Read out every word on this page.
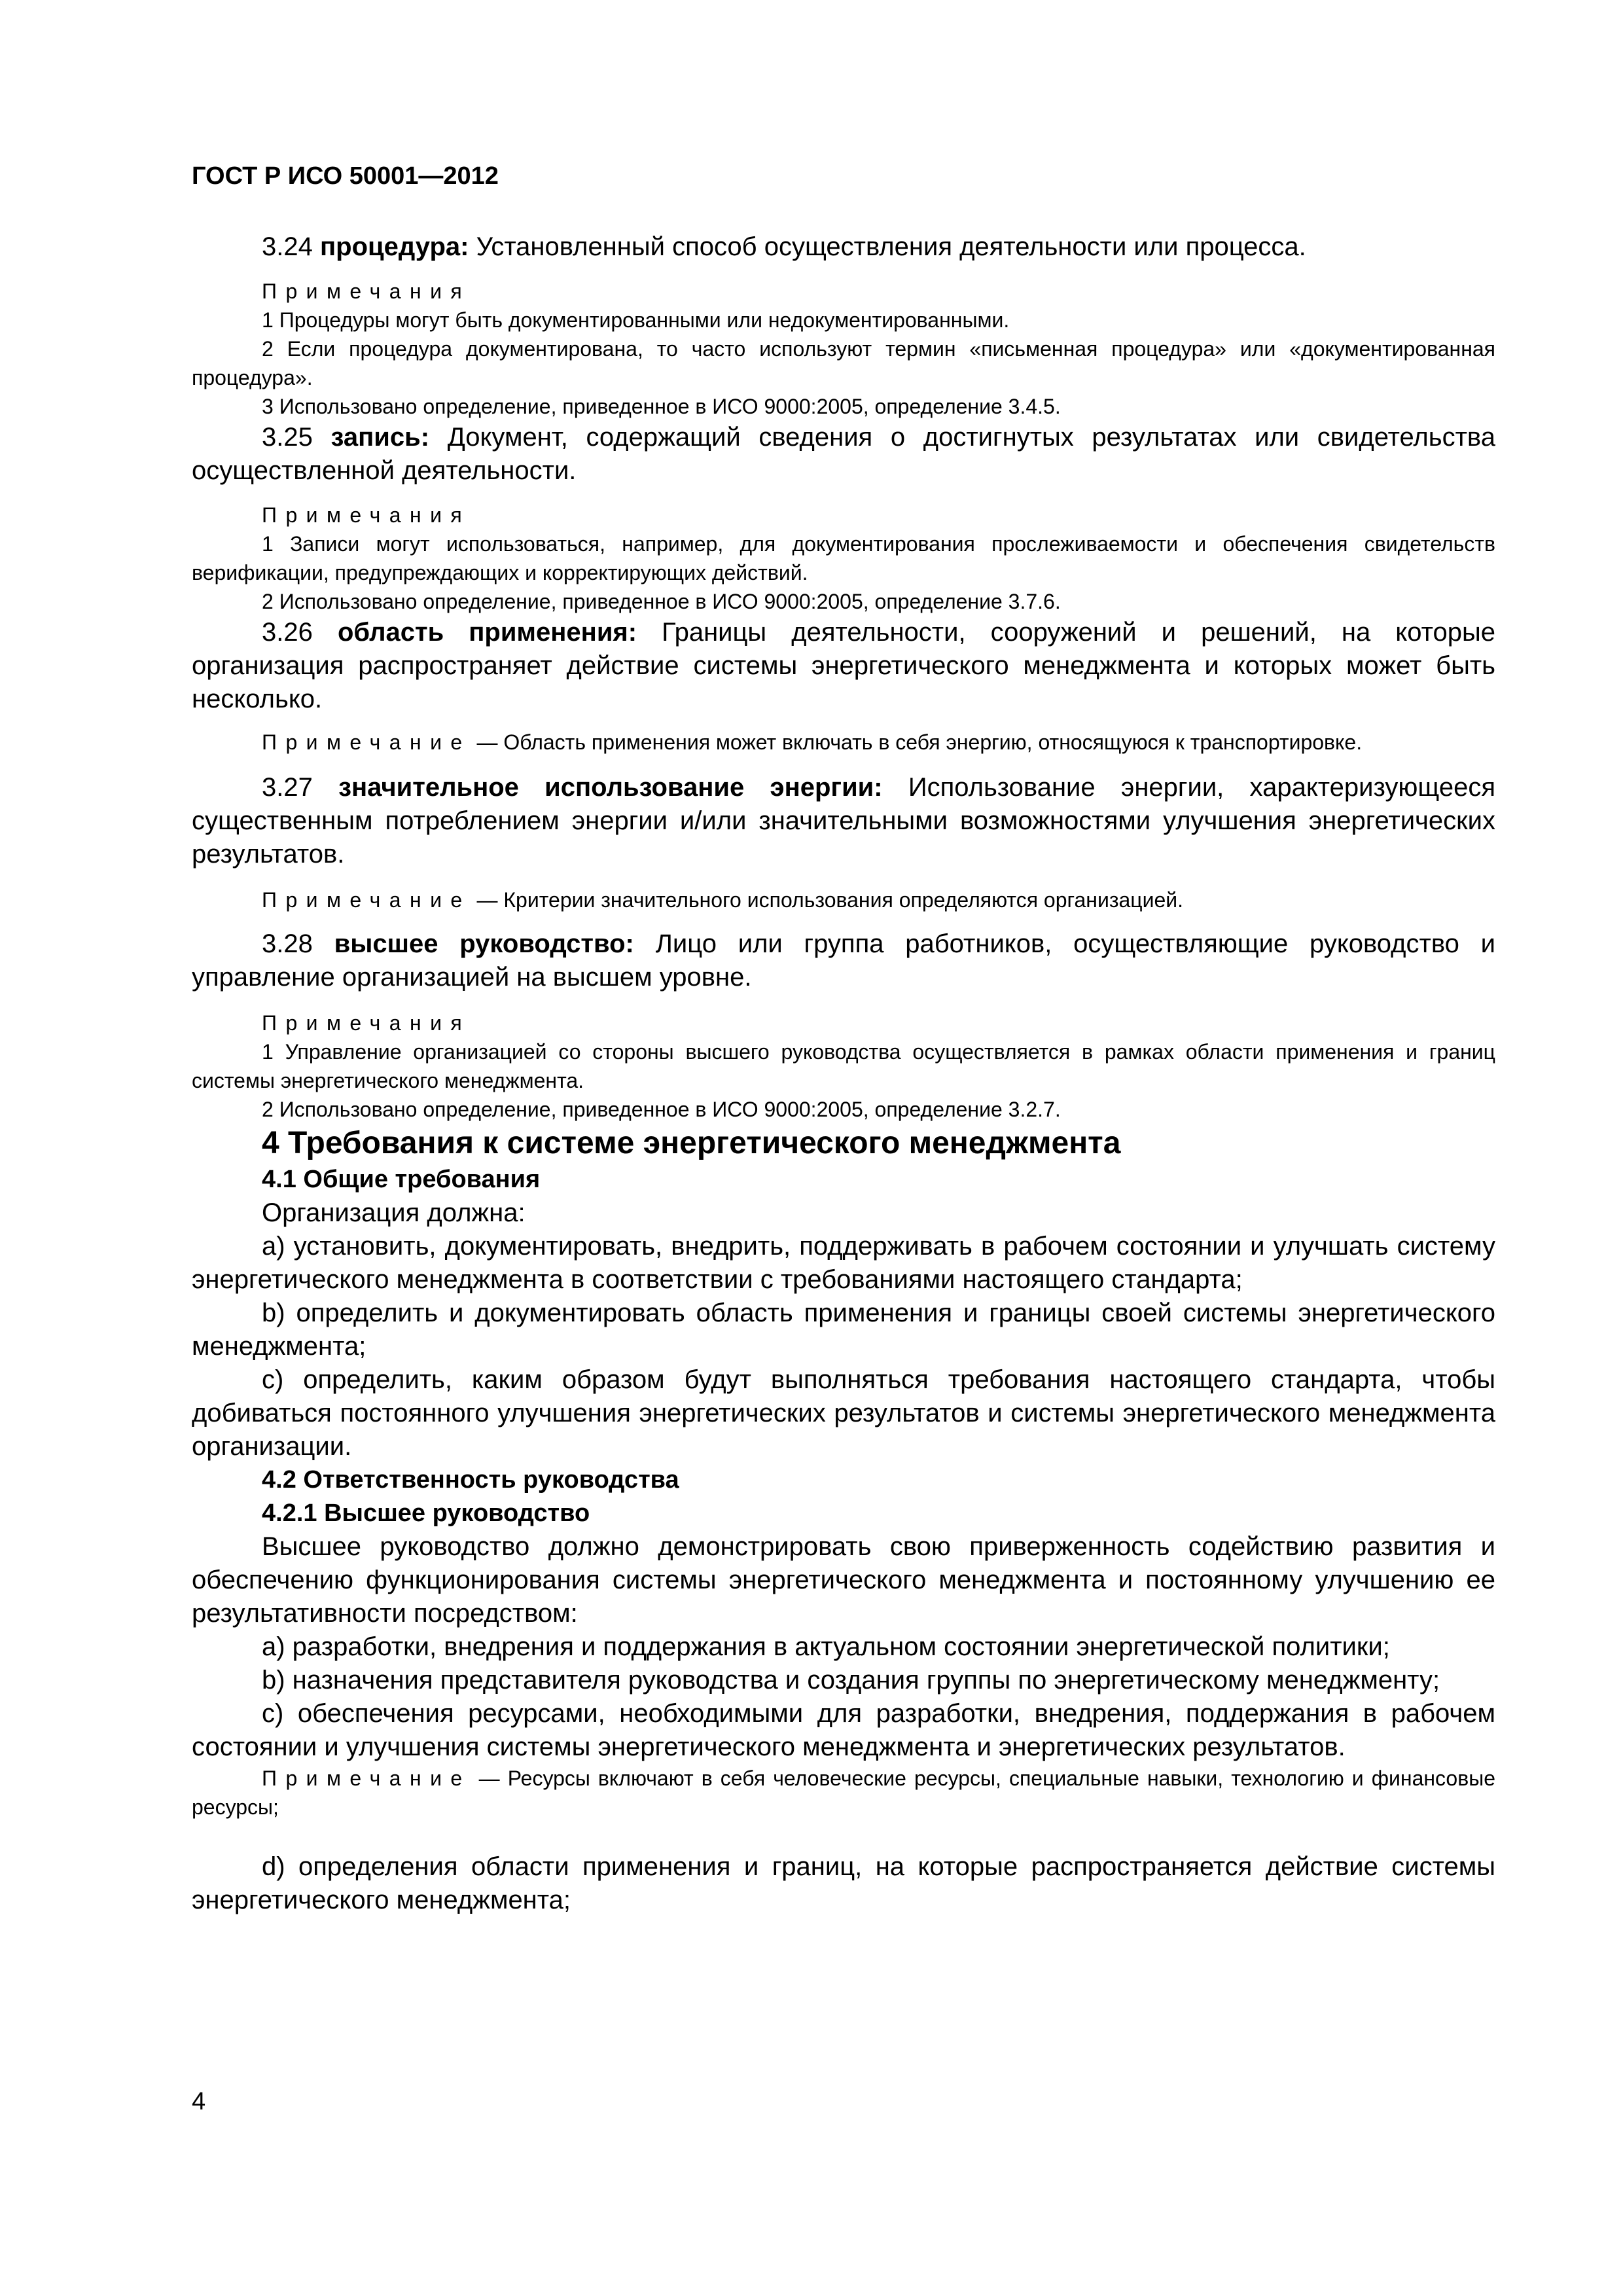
ГОСТ Р ИСО 50001—2012
3.24 процедура: Установленный способ осуществления деятельности или процесса.
Примечания
1 Процедуры могут быть документированными или недокументированными.
2 Если процедура документирована, то часто используют термин «письменная процедура» или «документированная процедура».
3 Использовано определение, приведенное в ИСО 9000:2005, определение 3.4.5.
3.25 запись: Документ, содержащий сведения о достигнутых результатах или свидетельства осуществленной деятельности.
Примечания
1 Записи могут использоваться, например, для документирования прослеживаемости и обеспечения свидетельств верификации, предупреждающих и корректирующих действий.
2 Использовано определение, приведенное в ИСО 9000:2005, определение 3.7.6.
3.26 область применения: Границы деятельности, сооружений и решений, на которые организация распространяет действие системы энергетического менеджмента и которых может быть несколько.
Примечание — Область применения может включать в себя энергию, относящуюся к транспортировке.
3.27 значительное использование энергии: Использование энергии, характеризующееся существенным потреблением энергии и/или значительными возможностями улучшения энергетических результатов.
Примечание — Критерии значительного использования определяются организацией.
3.28 высшее руководство: Лицо или группа работников, осуществляющие руководство и управление организацией на высшем уровне.
Примечания
1 Управление организацией со стороны высшего руководства осуществляется в рамках области применения и границ системы энергетического менеджмента.
2 Использовано определение, приведенное в ИСО 9000:2005, определение 3.2.7.
4 Требования к системе энергетического менеджмента
4.1 Общие требования
Организация должна:
a) установить, документировать, внедрить, поддерживать в рабочем состоянии и улучшать систему энергетического менеджмента в соответствии с требованиями настоящего стандарта;
b) определить и документировать область применения и границы своей системы энергетического менеджмента;
c) определить, каким образом будут выполняться требования настоящего стандарта, чтобы добиваться постоянного улучшения энергетических результатов и системы энергетического менеджмента организации.
4.2 Ответственность руководства
4.2.1 Высшее руководство
Высшее руководство должно демонстрировать свою приверженность содействию развития и обеспечению функционирования системы энергетического менеджмента и постоянному улучшению ее результативности посредством:
a) разработки, внедрения и поддержания в актуальном состоянии энергетической политики;
b) назначения представителя руководства и создания группы по энергетическому менеджменту;
c) обеспечения ресурсами, необходимыми для разработки, внедрения, поддержания в рабочем состоянии и улучшения системы энергетического менеджмента и энергетических результатов.
Примечание — Ресурсы включают в себя человеческие ресурсы, специальные навыки, технологию и финансовые ресурсы;
d) определения области применения и границ, на которые распространяется действие системы энергетического менеджмента;
4
